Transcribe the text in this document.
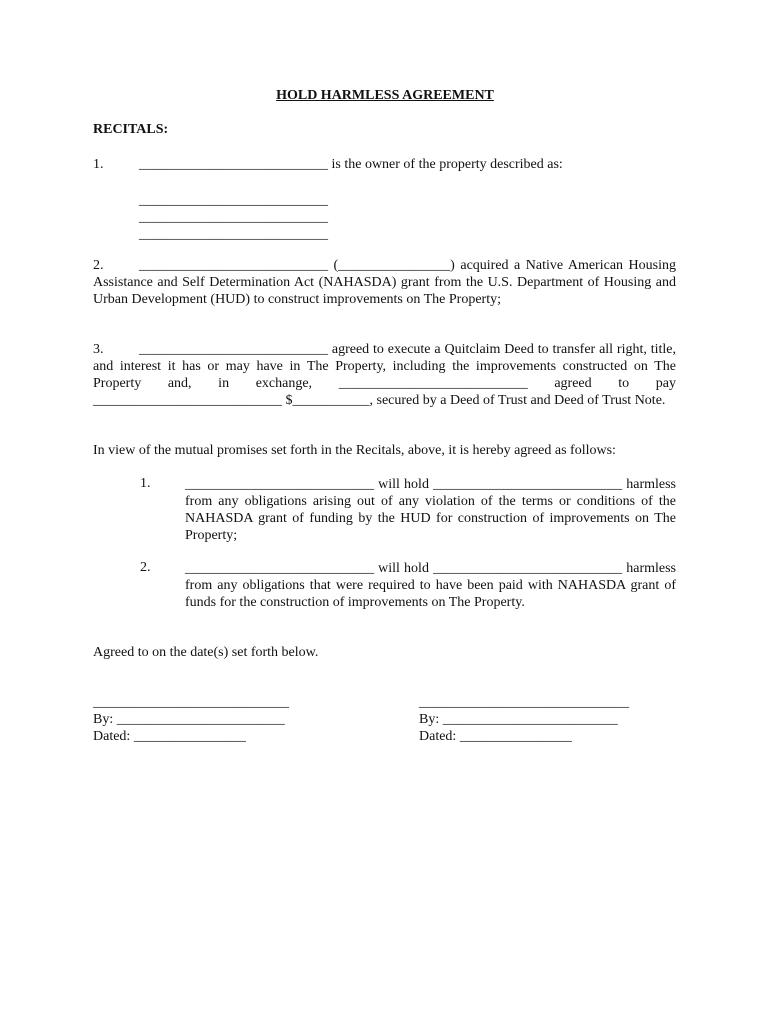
HOLD HARMLESS AGREEMENT
RECITALS:
1.	___________________________ is the owner of the property described as:
___________________________
___________________________
___________________________
2.	___________________________ (________________) acquired a Native American Housing Assistance and Self Determination Act (NAHASDA) grant from the U.S. Department of Housing and Urban Development (HUD) to construct improvements on The Property;
3.	___________________________ agreed to execute a Quitclaim Deed to transfer all right, title, and interest it has or may have in The Property, including the improvements constructed on The Property and, in exchange, ___________________________ agreed to pay ___________________________ $___________, secured by a Deed of Trust and Deed of Trust Note.
In view of the mutual promises set forth in the Recitals, above, it is hereby agreed as follows:
1. ___________________________ will hold ___________________________ harmless from any obligations arising out of any violation of the terms or conditions of the NAHASDA grant of funding by the HUD for construction of improvements on The Property;
2. ___________________________ will hold ___________________________ harmless from any obligations that were required to have been paid with NAHASDA grant of funds for the construction of improvements on The Property.
Agreed to on the date(s) set forth below.
____________________________
By: ________________________
Dated: ________________
______________________________
By: _________________________
Dated: ________________
